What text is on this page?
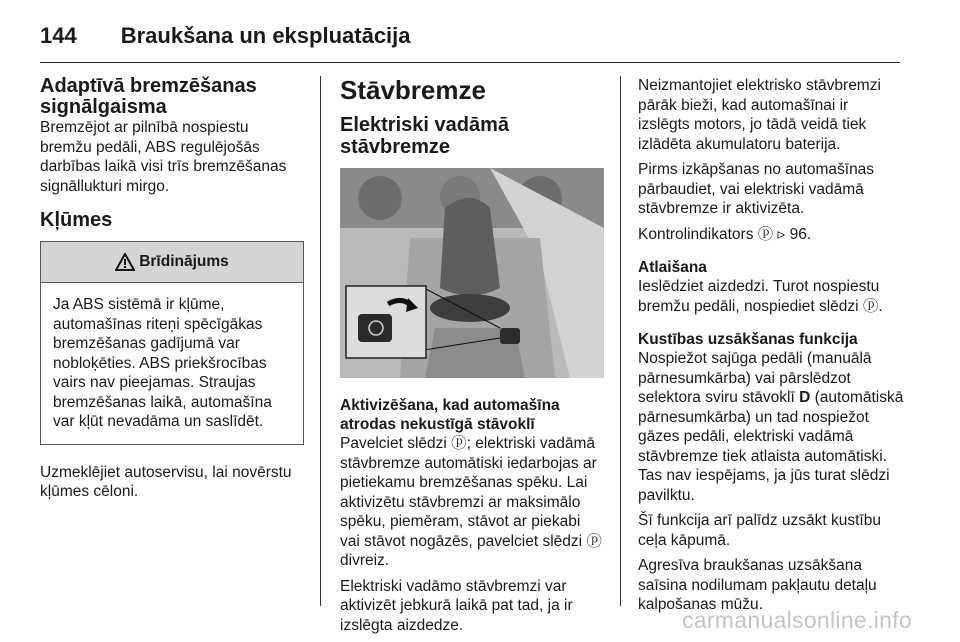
144 Braukšana un ekspluatācija
Adaptīvā bremzēšanas signālgaisma

Bremzējot ar pilnībā nospiestu bremžu pedāli, ABS regulējošās darbības laikā visi trīs bremzēšanas signāllukturi mirgo.

Kļūmes
Brīdinājums

Ja ABS sistēmā ir kļūme, automašīnas riteņi spēcīgākas bremzēšanas gadījumā var nobloķēties. ABS priekšrocības vairs nav pieejamas. Straujas bremzēšanas laikā, automašīna var kļūt nevadāma un saslīdēt.

Uzmeklējiet autoservisu, lai novērstu kļūmes cēloni.

Stāvbremze
Elektriski vadāmā stāvbremze
Aktivizēšana, kad automašīna atrodas nekustīgā stāvoklī

Pavelciet slēdzi ⓟ; elektriski vadāmā stāvbremze automātiski iedarbojas ar pietiekamu bremzēšanas spēku. Lai aktivizētu stāvbremzi ar maksimālo spēku, piemēram, stāvot ar piekabi vai stāvot nogāzēs, pavelciet slēdzi ⓟ divreiz.

Elektriski vadāmo stāvbremzi var aktivizēt jebkurā laikā pat tad, ja ir izslēgta aizdedze.

Neizmantojiet elektrisko stāvbremzi pārāk bieži, kad automašīnai ir izslēgts motors, jo tādā veidā tiek izlādēta akumulatoru baterija.

Pirms izkāpšanas no automašīnas pārbaudiet, vai elektriski vadāmā stāvbremze ir aktivizēta.

Kontrolindikators ⓟ ▹ 96.

Atlaišana

Ieslēdziet aizdedzi. Turot nospiestu bremžu pedāli, nospiediet slēdzi ⓟ.

Kustības uzsākšanas funkcija

Nospiežot sajūga pedāli (manuālā pārnesumkārba) vai pārslēdzot selektora sviru stāvoklī D (automātiskā pārnesumkārba) un tad nospiežot gāzes pedāli, elektriski vadāmā stāvbremze tiek atlaista automātiski. Tas nav iespējams, ja jūs turat slēdzi pavilktu.

Šī funkcija arī palīdz uzsākt kustību ceļa kāpumā.

Agresīva braukšanas uzsākšana saīsina nodilumam pakļautu detaļu kalpošanas mūžu.

carmanualsonline.info
